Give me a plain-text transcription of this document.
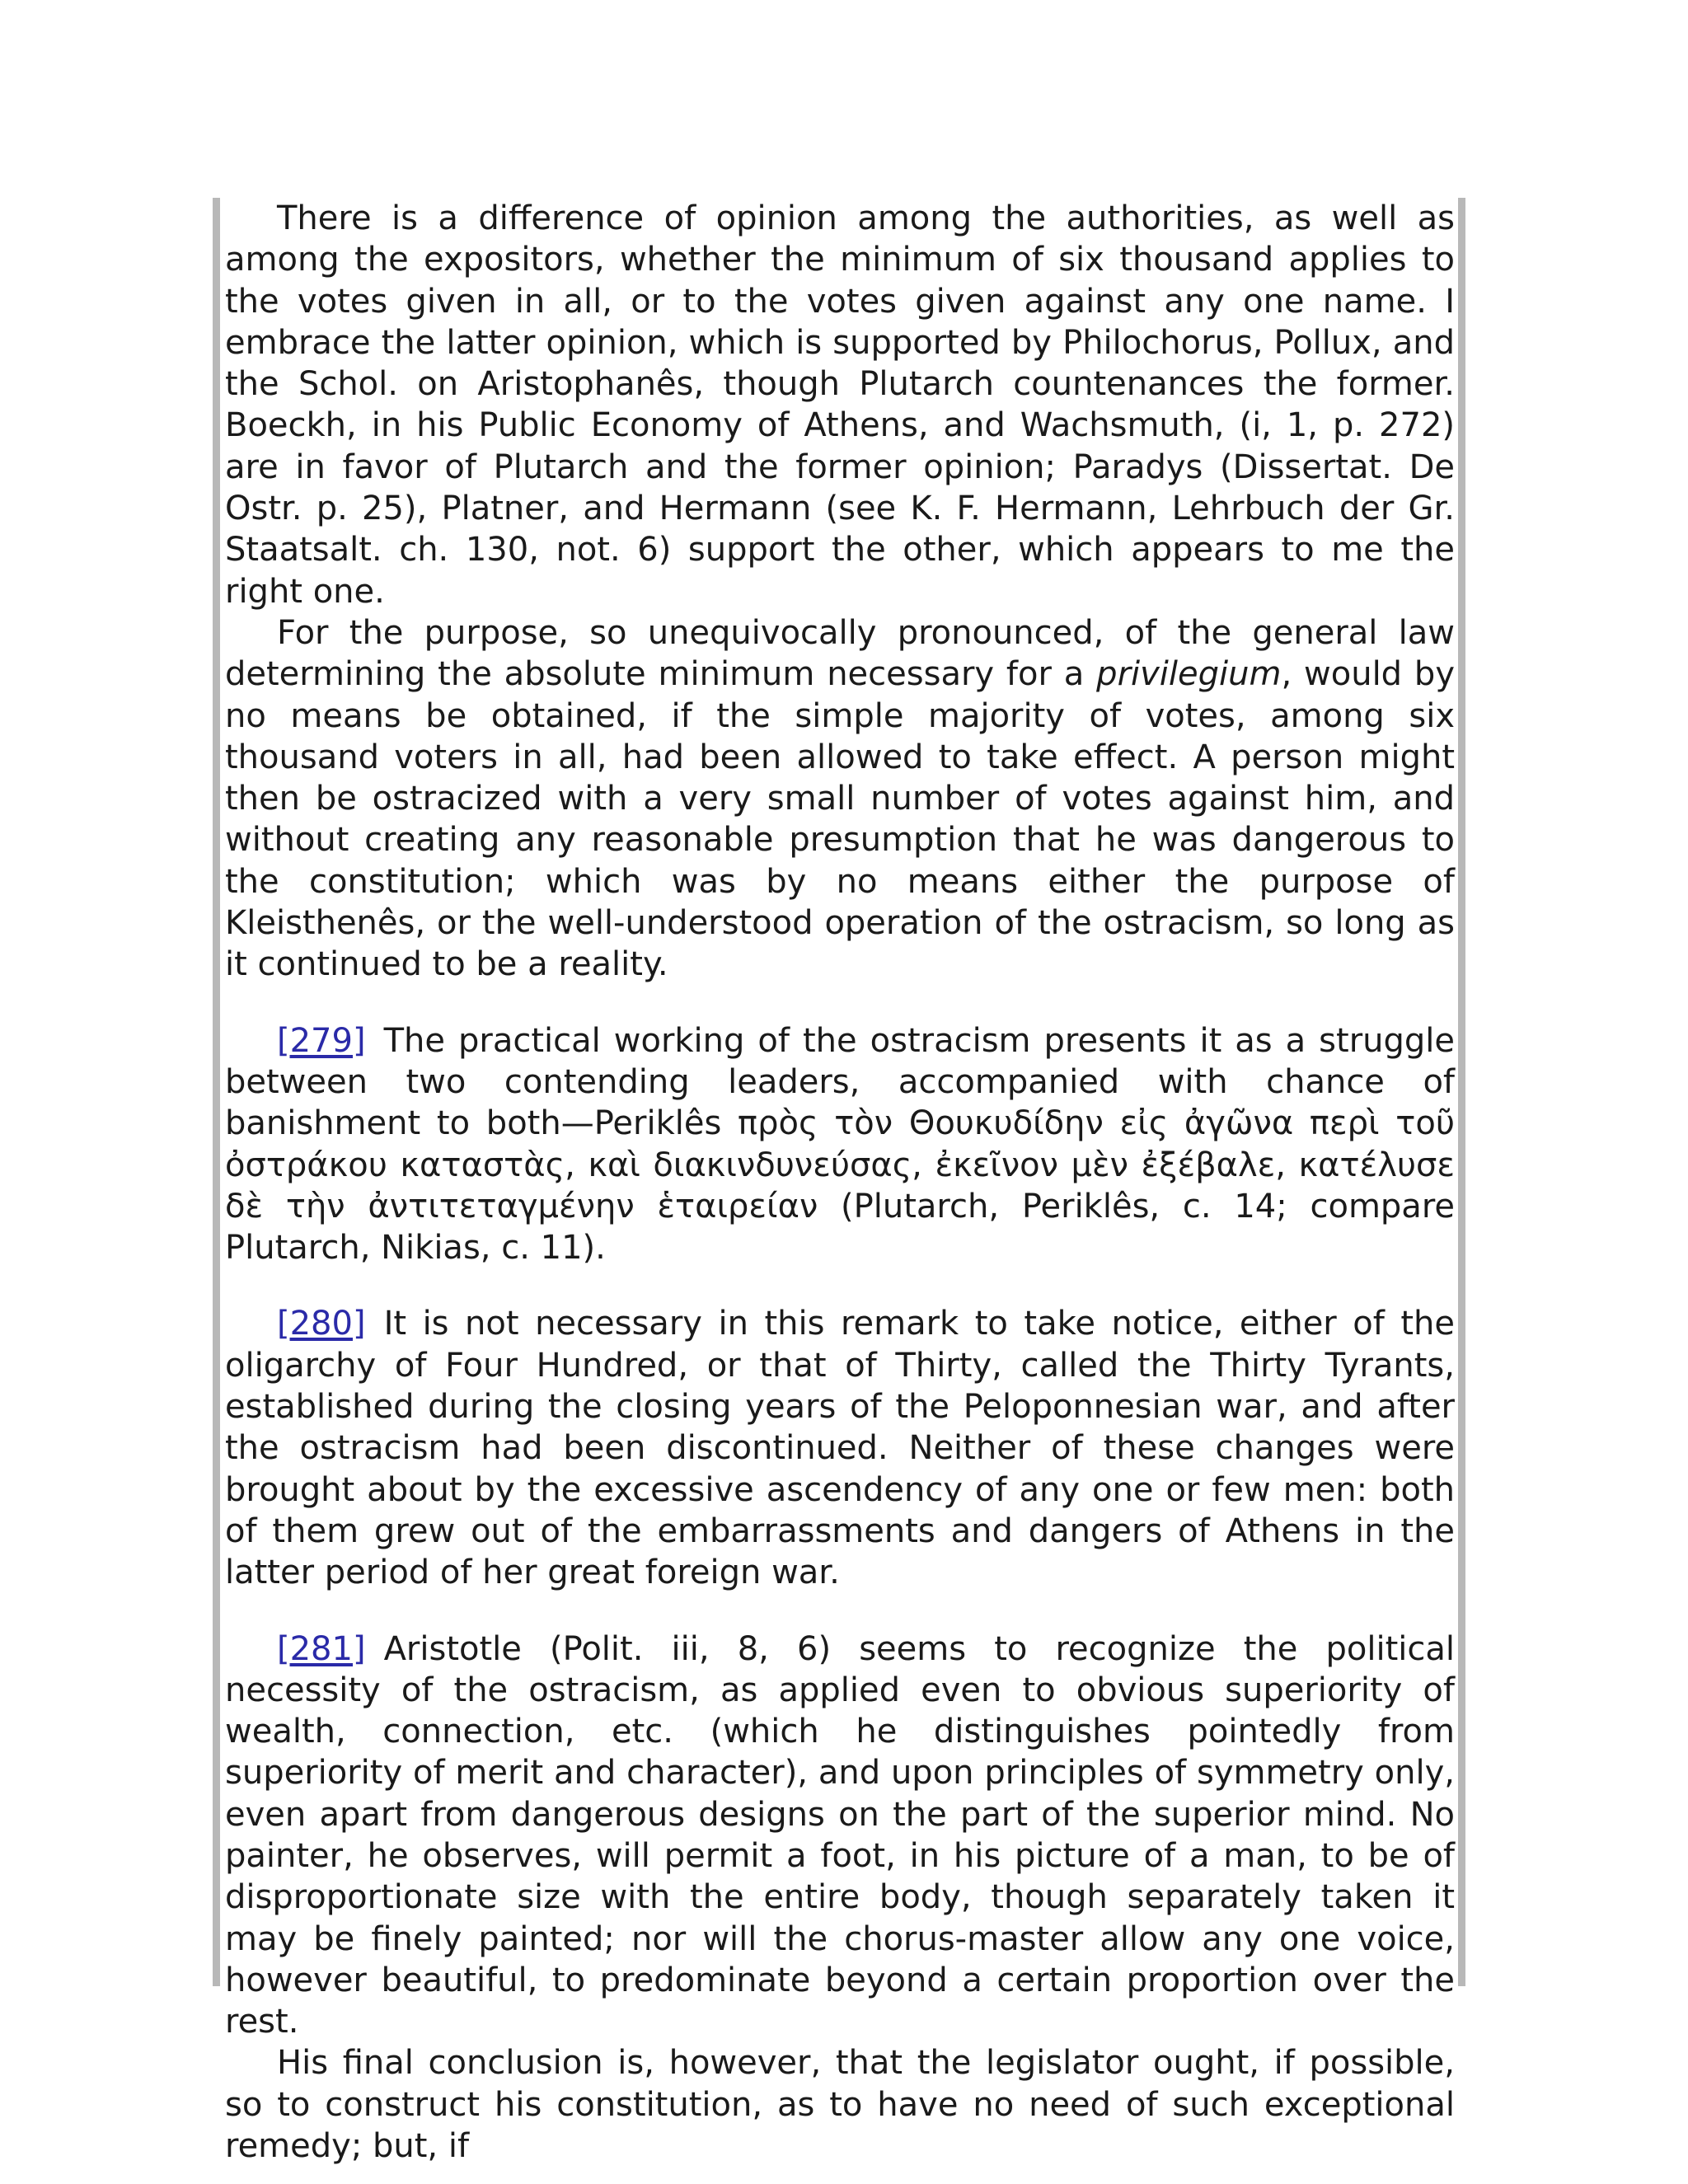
There is a difference of opinion among the authorities, as well as among the expositors, whether the minimum of six thousand applies to the votes given in all, or to the votes given against any one name. I embrace the latter opinion, which is supported by Philochorus, Pollux, and the Schol. on Aristophanês, though Plutarch countenances the former. Boeckh, in his Public Economy of Athens, and Wachsmuth, (i, 1, p. 272) are in favor of Plutarch and the former opinion; Paradys (Dissertat. De Ostr. p. 25), Platner, and Hermann (see K. F. Hermann, Lehrbuch der Gr. Staatsalt. ch. 130, not. 6) support the other, which appears to me the right one.

For the purpose, so unequivocally pronounced, of the general law determining the absolute minimum necessary for a privilegium, would by no means be obtained, if the simple majority of votes, among six thousand voters in all, had been allowed to take effect. A person might then be ostracized with a very small number of votes against him, and without creating any reasonable presumption that he was dangerous to the constitution; which was by no means either the purpose of Kleisthenês, or the well-understood operation of the ostracism, so long as it continued to be a reality.

[279] The practical working of the ostracism presents it as a struggle between two contending leaders, accompanied with chance of banishment to both—Periklês πρὸς τὸν Θουκυδίδην εἰς ἀγῶνα περὶ τοῦ ὀστράκου καταστὰς, καὶ διακινδυνεύσας, ἐκεῖνον μὲν ἐξέβαλε, κατέλυσε δὲ τὴν ἀντιτεταγμένην ἑταιρείαν (Plutarch, Periklês, c. 14; compare Plutarch, Nikias, c. 11).

[280] It is not necessary in this remark to take notice, either of the oligarchy of Four Hundred, or that of Thirty, called the Thirty Tyrants, established during the closing years of the Peloponnesian war, and after the ostracism had been discontinued. Neither of these changes were brought about by the excessive ascendency of any one or few men: both of them grew out of the embarrassments and dangers of Athens in the latter period of her great foreign war.

[281] Aristotle (Polit. iii, 8, 6) seems to recognize the political necessity of the ostracism, as applied even to obvious superiority of wealth, connection, etc. (which he distinguishes pointedly from superiority of merit and character), and upon principles of symmetry only, even apart from dangerous designs on the part of the superior mind. No painter, he observes, will permit a foot, in his picture of a man, to be of disproportionate size with the entire body, though separately taken it may be finely painted; nor will the chorus-master allow any one voice, however beautiful, to predominate beyond a certain proportion over the rest.

His final conclusion is, however, that the legislator ought, if possible, so to construct his constitution, as to have no need of such exceptional remedy; but, if
